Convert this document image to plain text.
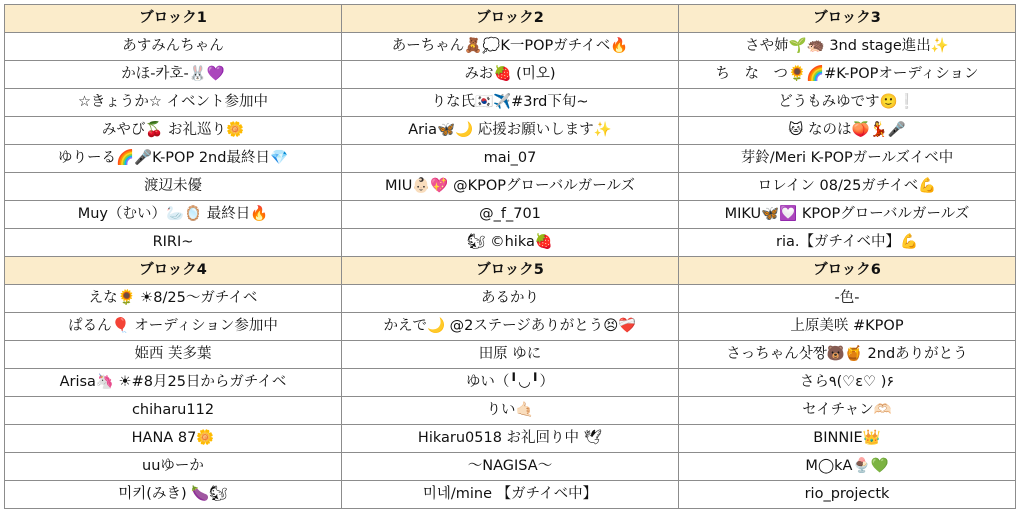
ブロック1	ブロック2	ブロック3
あすみんちゃん	あーちゃん🧸💭K一POPガチイベ🔥	さや姉🌱🦔 3nd stage進出✨
かほ-카호-🐰💜	みお🍓 (미오)	ち　な　つ🌻🌈#K-POPオーディション
☆きょうか☆ イベント参加中	りな氏🇰🇷✈️#3rd下旬~	どうもみゆです🙂❕
みやび🍒 お礼巡り🌼	Aria🦋🌙 応援お願いします✨	🐱 なのは🍑💃🎤
ゆりーる🌈🎤K-POP 2nd最終日💎	mai_07	芽鈴/Meri K-POPガールズイベ中
渡辺未優	MIU👶🏻💖 @KPOPグローバルガールズ	ロレイン 08/25ガチイベ💪
Muy（むい）🦢🪞 最終日🔥	@_f_701	MIKU🦋💟 KPOPグローバルガールズ
RIRI~	🐿 ©hika🍓	ria.【ガチイベ中】💪
ブロック4	ブロック5	ブロック6
えな🌻 ☀8/25〜ガチイベ	あるかり	-色-
ぱるん🎈 オーディション参加中	かえで🌙 @2ステージありがとう😣❤️‍🩹	上原美咲 #KPOP
姫西 芙多葉	田原 ゆに	さっちゃん삿짱🐻🍯 2ndありがとう
Arisa🦄 ☀#8月25日からガチイベ	ゆい（╹◡╹）	さら٩(♡ε♡ )۶
chiharu112	りい🤙🏻	セイチャン🫶🏻
HANA 87🌼	Hikaru0518 お礼回り中 🕊	BINNIE👑
uuゆーか	〜NAGISA〜	M◯kA🍨💚
미키(みき) 🍆🐿	미네/mine 【ガチイベ中】	rio_projectk
